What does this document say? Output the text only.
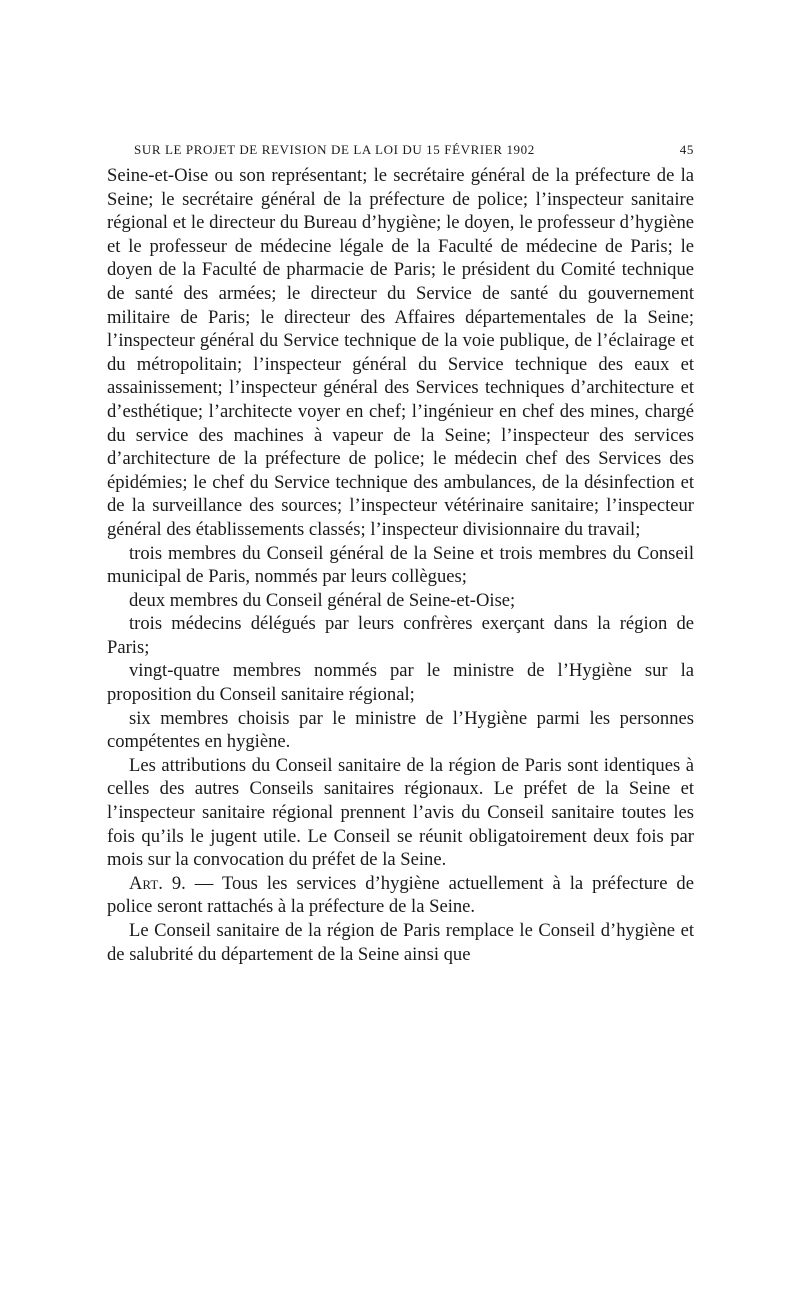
SUR LE PROJET DE REVISION DE LA LOI DU 15 FÉVRIER 1902	45

Seine-et-Oise ou son représentant; le secrétaire général de la préfecture de la Seine; le secrétaire général de la préfecture de police; l’inspecteur sanitaire régional et le directeur du Bureau d’hygiène; le doyen, le professeur d’hygiène et le professeur de médecine légale de la Faculté de médecine de Paris; le doyen de la Faculté de pharmacie de Paris; le président du Comité technique de santé des armées; le directeur du Service de santé du gouvernement militaire de Paris; le directeur des Affaires départementales de la Seine; l’inspecteur général du Service technique de la voie publique, de l’éclairage et du métropolitain; l’inspecteur général du Service technique des eaux et assainissement; l’inspecteur général des Services techniques d’architecture et d’esthétique; l’architecte voyer en chef; l’ingénieur en chef des mines, chargé du service des machines à vapeur de la Seine; l’inspecteur des services d’architecture de la préfecture de police; le médecin chef des Services des épidémies; le chef du Service technique des ambulances, de la désinfection et de la surveillance des sources; l’inspecteur vétérinaire sanitaire; l’inspecteur général des établissements classés; l’inspecteur divisionnaire du travail;

trois membres du Conseil général de la Seine et trois membres du Conseil municipal de Paris, nommés par leurs collègues;

deux membres du Conseil général de Seine-et-Oise;

trois médecins délégués par leurs confrères exerçant dans la région de Paris;

vingt-quatre membres nommés par le ministre de l’Hygiène sur la proposition du Conseil sanitaire régional;

six membres choisis par le ministre de l’Hygiène parmi les personnes compétentes en hygiène.

Les attributions du Conseil sanitaire de la région de Paris sont identiques à celles des autres Conseils sanitaires régionaux. Le préfet de la Seine et l’inspecteur sanitaire régional prennent l’avis du Conseil sanitaire toutes les fois qu’ils le jugent utile. Le Conseil se réunit obligatoirement deux fois par mois sur la convocation du préfet de la Seine.

Art. 9. — Tous les services d’hygiène actuellement à la préfecture de police seront rattachés à la préfecture de la Seine.

Le Conseil sanitaire de la région de Paris remplace le Conseil d’hygiène et de salubrité du département de la Seine ainsi que
